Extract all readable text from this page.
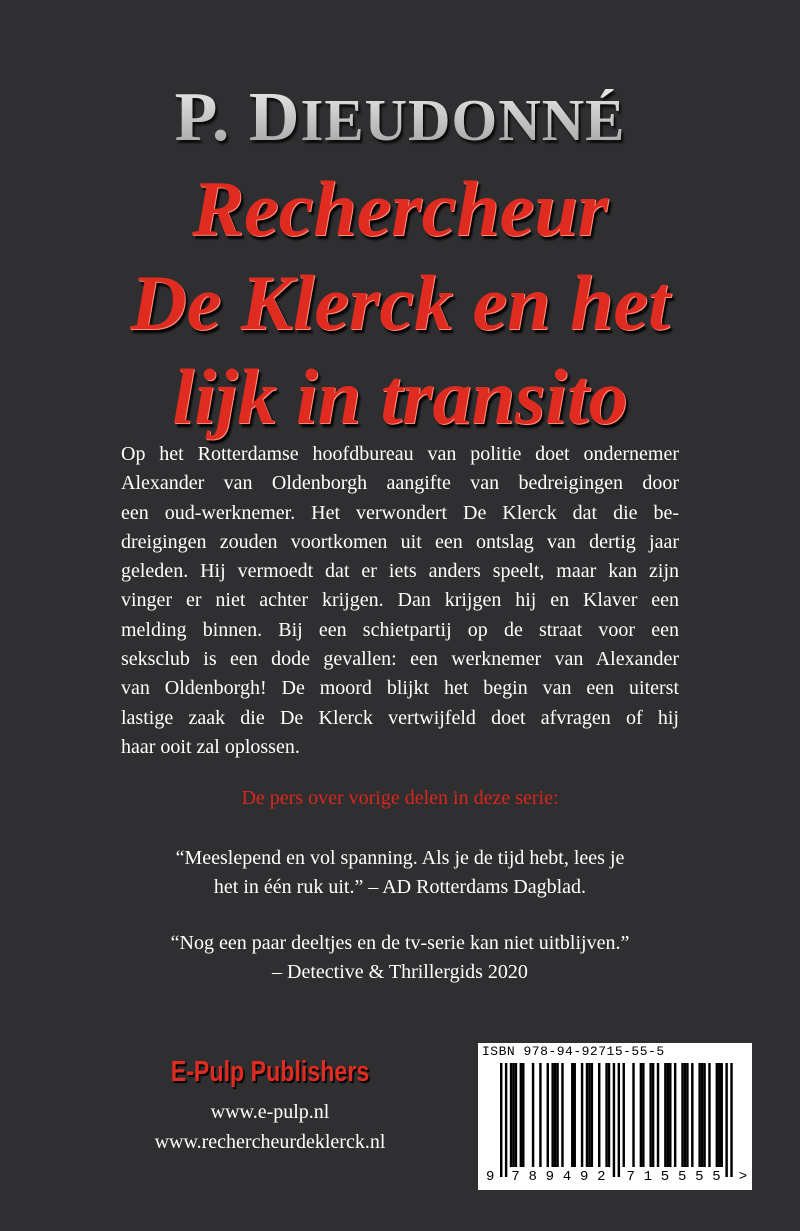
P. DIEUDONNÉ
Rechercheur
De Klerck en het
lijk in transito
Op het Rotterdamse hoofdbureau van politie doet ondernemer
Alexander van Oldenborgh aangifte van bedreigingen door
een oud-werknemer. Het verwondert De Klerck dat die be-
dreigingen zouden voortkomen uit een ontslag van dertig jaar
geleden. Hij vermoedt dat er iets anders speelt, maar kan zijn
vinger er niet achter krijgen. Dan krijgen hij en Klaver een
melding binnen. Bij een schietpartij op de straat voor een
seksclub is een dode gevallen: een werknemer van Alexander
van Oldenborgh! De moord blijkt het begin van een uiterst
lastige zaak die De Klerck vertwijfeld doet afvragen of hij
haar ooit zal oplossen.
De pers over vorige delen in deze serie:
“Meeslepend en vol spanning. Als je de tijd hebt, lees je
het in één ruk uit.” – AD Rotterdams Dagblad.
“Nog een paar deeltjes en de tv-serie kan niet uitblijven.”
– Detective & Thrillergids 2020
E-Pulp Publishers
www.e-pulp.nl
www.rechercheurdeklerck.nl
ISBN 978-94-92715-55-5
9 7 8 9 4 9 2 7 1 5 5 5 5 >
